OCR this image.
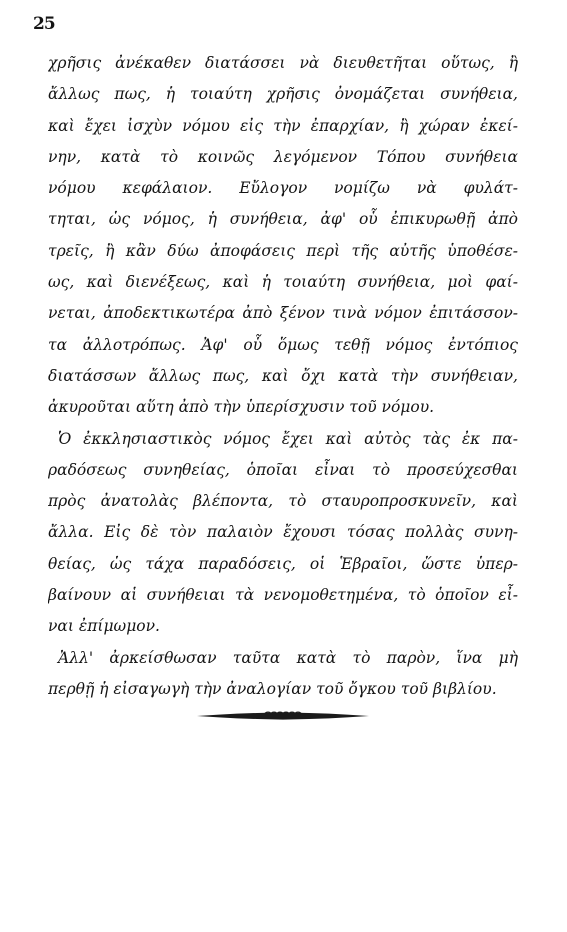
25
χρῆσις ἀνέκαθεν διατάσσει νὰ διευθετῆται οὕτως, ἢ
ἄλλως πως, ἡ τοιαύτη χρῆσις ὀνομάζεται συνήθεια,
καὶ ἔχει ἰσχὺν νόμου εἰς τὴν ἐπαρχίαν, ἢ χώραν ἐκεί-
νην, κατὰ τὸ κοινῶς λεγόμενον Τόπου συνήθεια
νόμου κεφάλαιον. Εὔλογον νομίζω νὰ φυλάτ-
τηται, ὡς νόμος, ἡ συνήθεια, ἀφ' οὗ ἐπικυρωθῇ ἀπὸ
τρεῖς, ἢ κἂν δύω ἀποφάσεις περὶ τῆς αὐτῆς ὑποθέσε-
ως, καὶ διενέξεως, καὶ ἡ τοιαύτη συνήθεια, μοὶ φαί-
νεται, ἀποδεκτικωτέρα ἀπὸ ξένον τινὰ νόμον ἐπιτάσσον-
τα ἀλλοτρόπως. Ἀφ' οὗ ὅμως τεθῇ νόμος ἐντόπιος
διατάσσων ἄλλως πως, καὶ ὄχι κατὰ τὴν συνήθειαν,
ἀκυροῦται αὕτη ἀπὸ τὴν ὑπερίσχυσιν τοῦ νόμου.
Ὁ ἐκκλησιαστικὸς νόμος ἔχει καὶ αὐτὸς τὰς ἐκ πα-
ραδόσεως συνηθείας, ὁποῖαι εἶναι τὸ προσεύχεσθαι
πρὸς ἀνατολὰς βλέποντα, τὸ σταυροπροσκυνεῖν, καὶ
ἄλλα. Εἰς δὲ τὸν παλαιὸν ἔχουσι τόσας πολλὰς συνη-
θείας, ὡς τάχα παραδόσεις, οἱ Ἑβραῖοι, ὥστε ὑπερ-
βαίνουν αἱ συνήθειαι τὰ νενομοθετημένα, τὸ ὁποῖον εἶ-
ναι ἐπίμωμον.
Ἀλλ' ἀρκείσθωσαν ταῦτα κατὰ τὸ παρὸν, ἵνα μὴ
περθῇ ἡ εἰσαγωγὴ τὴν ἀναλογίαν τοῦ ὄγκου τοῦ βιβλίου.
